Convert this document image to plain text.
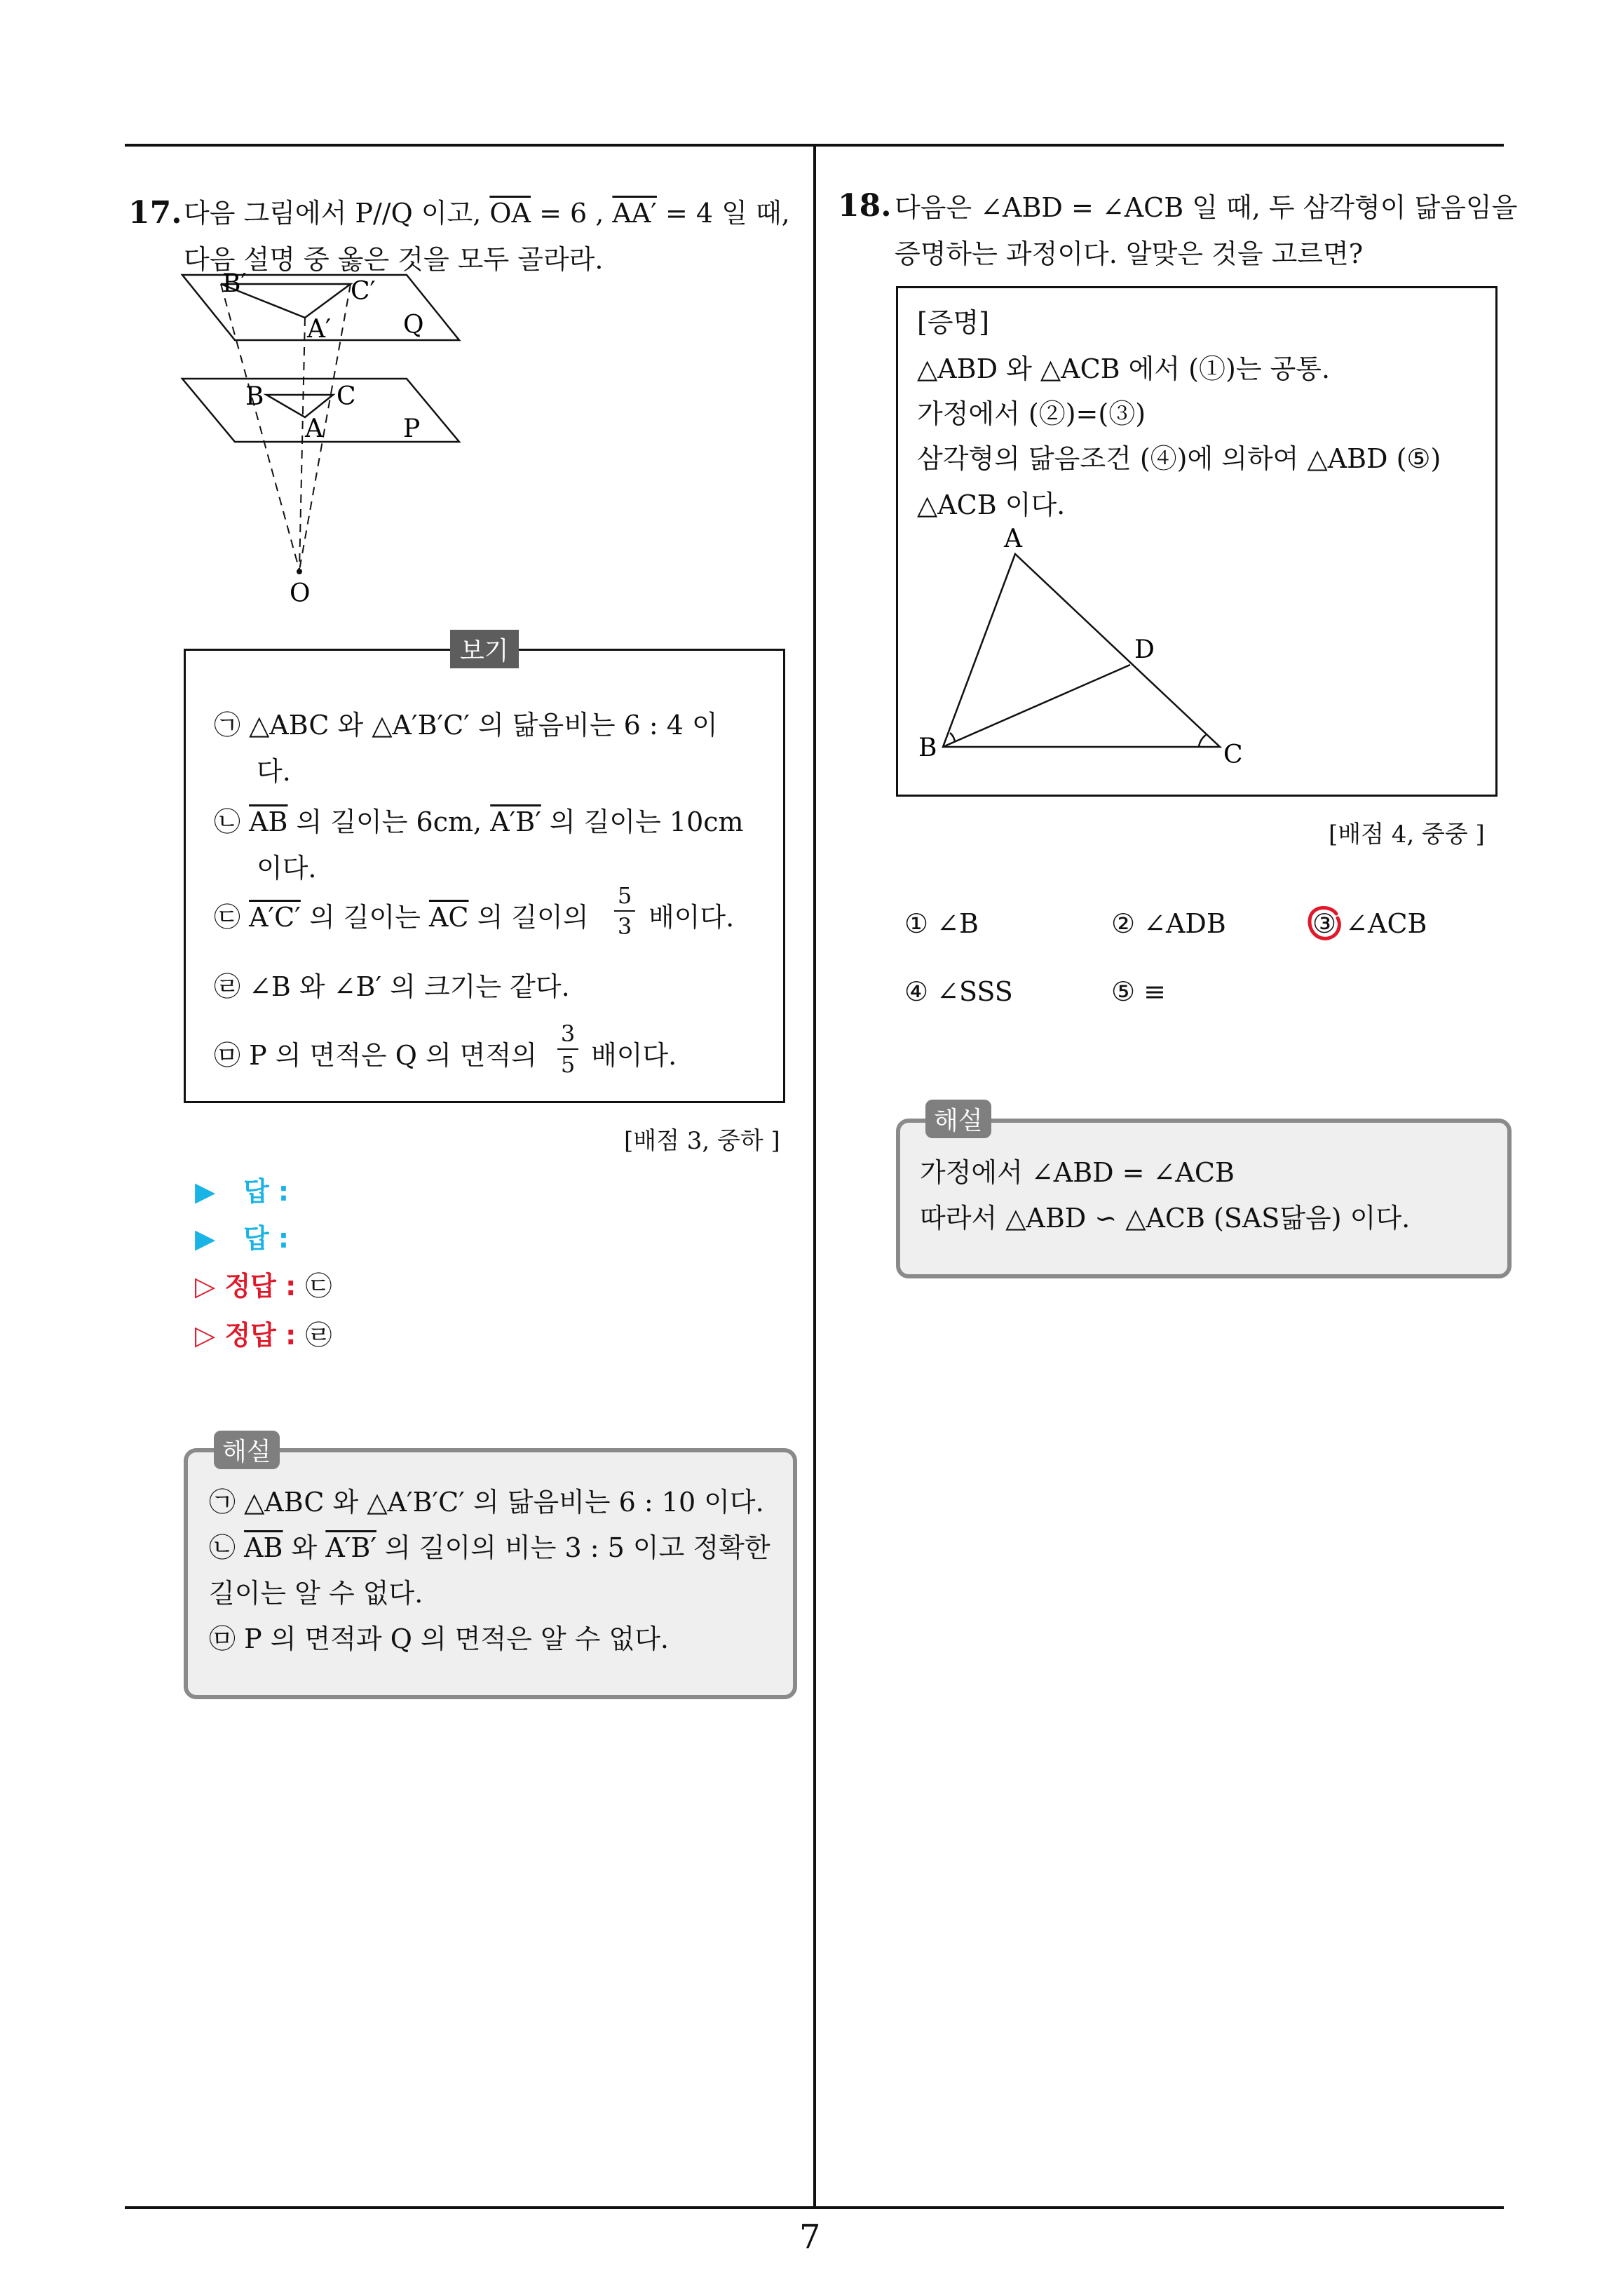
7
17. 다음 그림에서 P//Q 이고, $\overline{OA} = 6$ , AA′ = 4 일 때,
다음 설명 중 옳은 것을 모두 골라라.
B′	C′
A′	Q
B	C
A	P
O
보기
㉠ △ABC 와 △A′B′C′ 의 닮음비는 6 : 4 이
다.
㉡ $\overline{AB}$ 의 길이는 6cm, A′B′ 의 길이는 10cm
이다.
㉢ A′C′ 의 길이는 $\overline{AC}$ 의 길이의
5
3 배이다.
㉣ ∠B 와 ∠B′ 의 크기는 같다.
㉤ P 의 면적은 Q 의 면적의
3
5 배이다.
[배점 3, 중하 ]
▶ 답 :
▶ 답 :
▷ 정답 : ㉢
▷ 정답 : ㉣
해설
㉠ △ABC 와 △A′B′C′ 의 닮음비는 6 : 10 이다.
㉡ $\overline{AB}$ 와 A′B′ 의 길이의 비는 3 : 5 이고 정확한
길이는 알 수 없다.
㉤ P 의 면적과 Q 의 면적은 알 수 없다.
18. 다음은 ∠ABD = ∠ACB 일 때, 두 삼각형이 닮음임을
증명하는 과정이다. 알맞은 것을 고르면?
[증명]
△ABD 와 △ACB 에서 (①)는 공통.
가정에서 (②)=(③)
삼각형의 닮음조건 (④)에 의하여 △ABD (⑤)
△ACB 이다.
A
D
B	C
[배점 4, 중중 ]
① ∠B	② ∠ADB	③ ∠ACB
④ ∠SSS	⑤ ≡
해설
가정에서 ∠ABD = ∠ACB
따라서 △ABD ∽ △ACB (SAS닮음) 이다.
